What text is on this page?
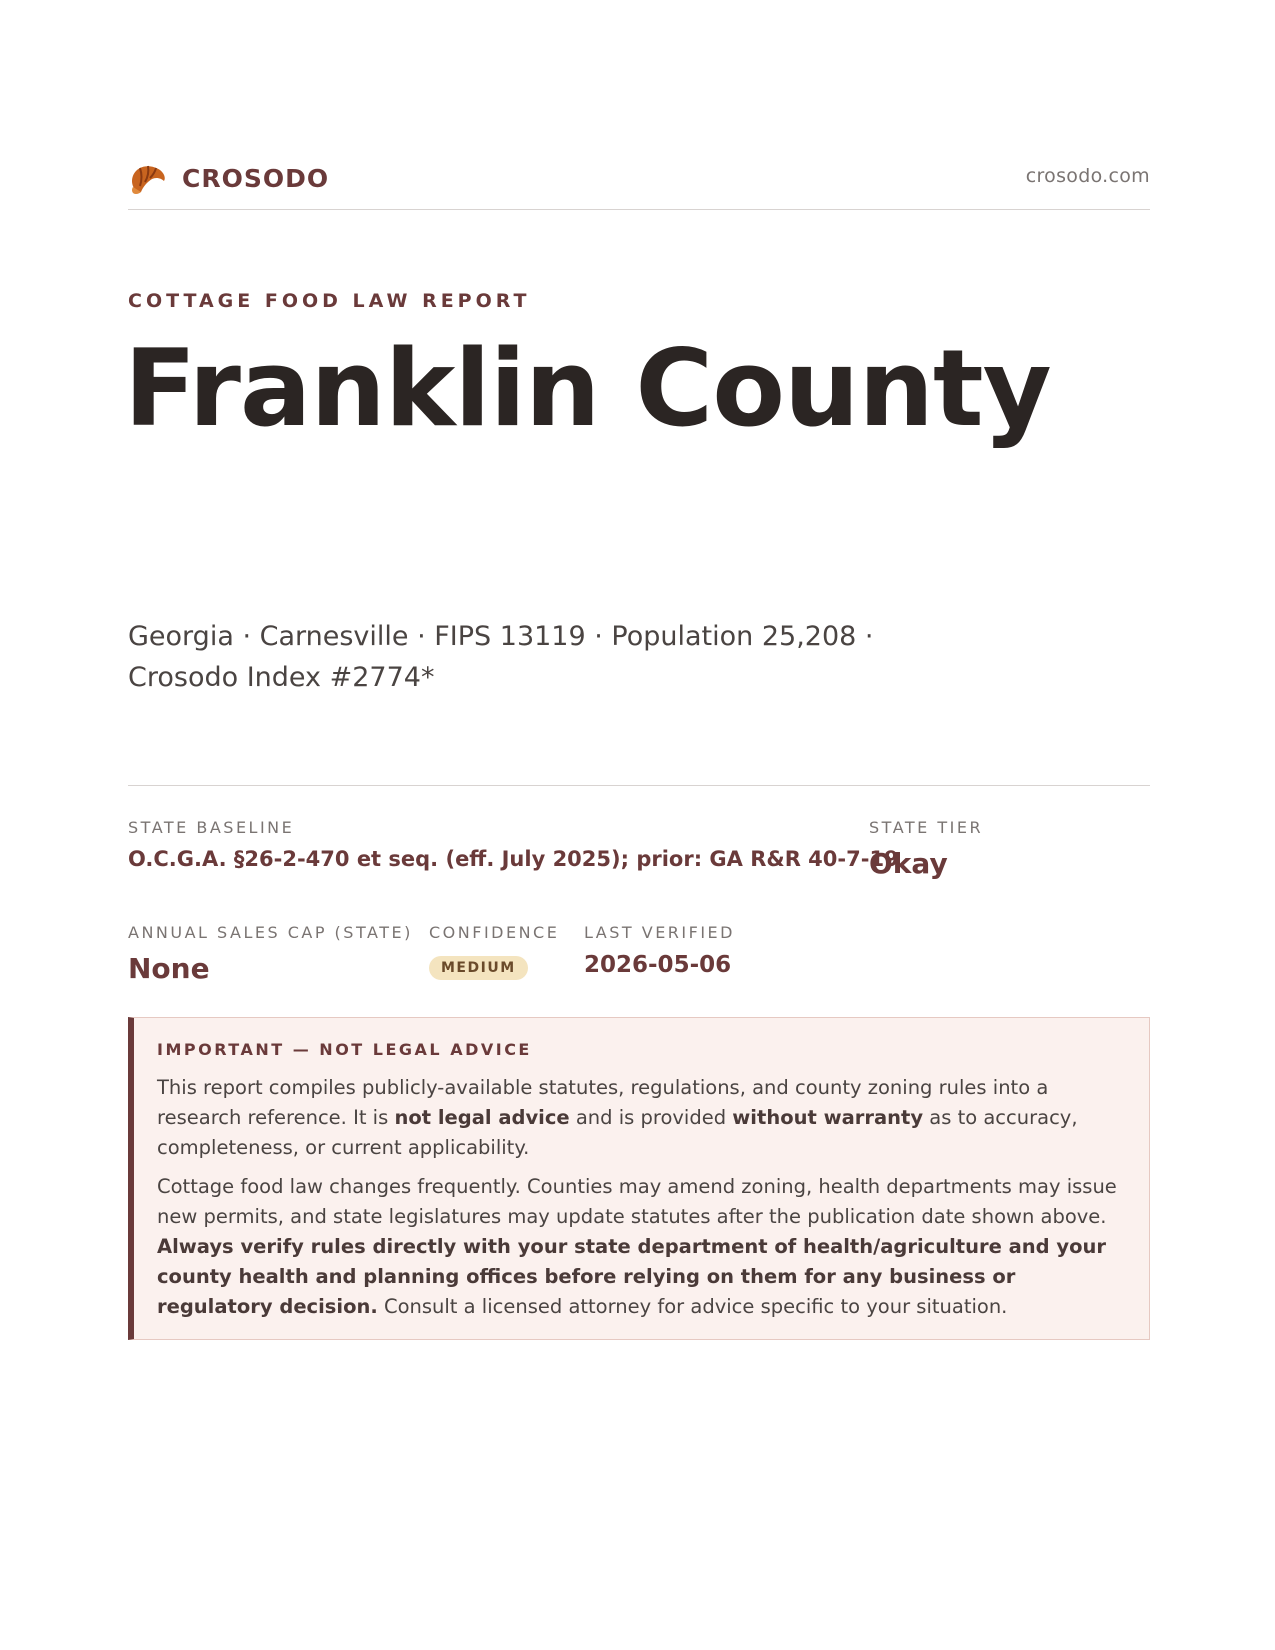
CROSODO	crosodo.com
COTTAGE FOOD LAW REPORT
Franklin County
Georgia · Carnesville · FIPS 13119 · Population 25,208 ·
Crosodo Index #2774*
STATE BASELINE
O.C.G.A. §26-2-470 et seq. (eff. July 2025); prior: GA R&R 40-7-19
STATE TIER
Okay
ANNUAL SALES CAP (STATE)
None
CONFIDENCE
MEDIUM
LAST VERIFIED
2026-05-06
IMPORTANT — NOT LEGAL ADVICE

This report compiles publicly-available statutes, regulations, and county zoning rules into a research reference. It is not legal advice and is provided without warranty as to accuracy, completeness, or current applicability.

Cottage food law changes frequently. Counties may amend zoning, health departments may issue new permits, and state legislatures may update statutes after the publication date shown above. Always verify rules directly with your state department of health/agriculture and your county health and planning offices before relying on them for any business or regulatory decision. Consult a licensed attorney for advice specific to your situation.
